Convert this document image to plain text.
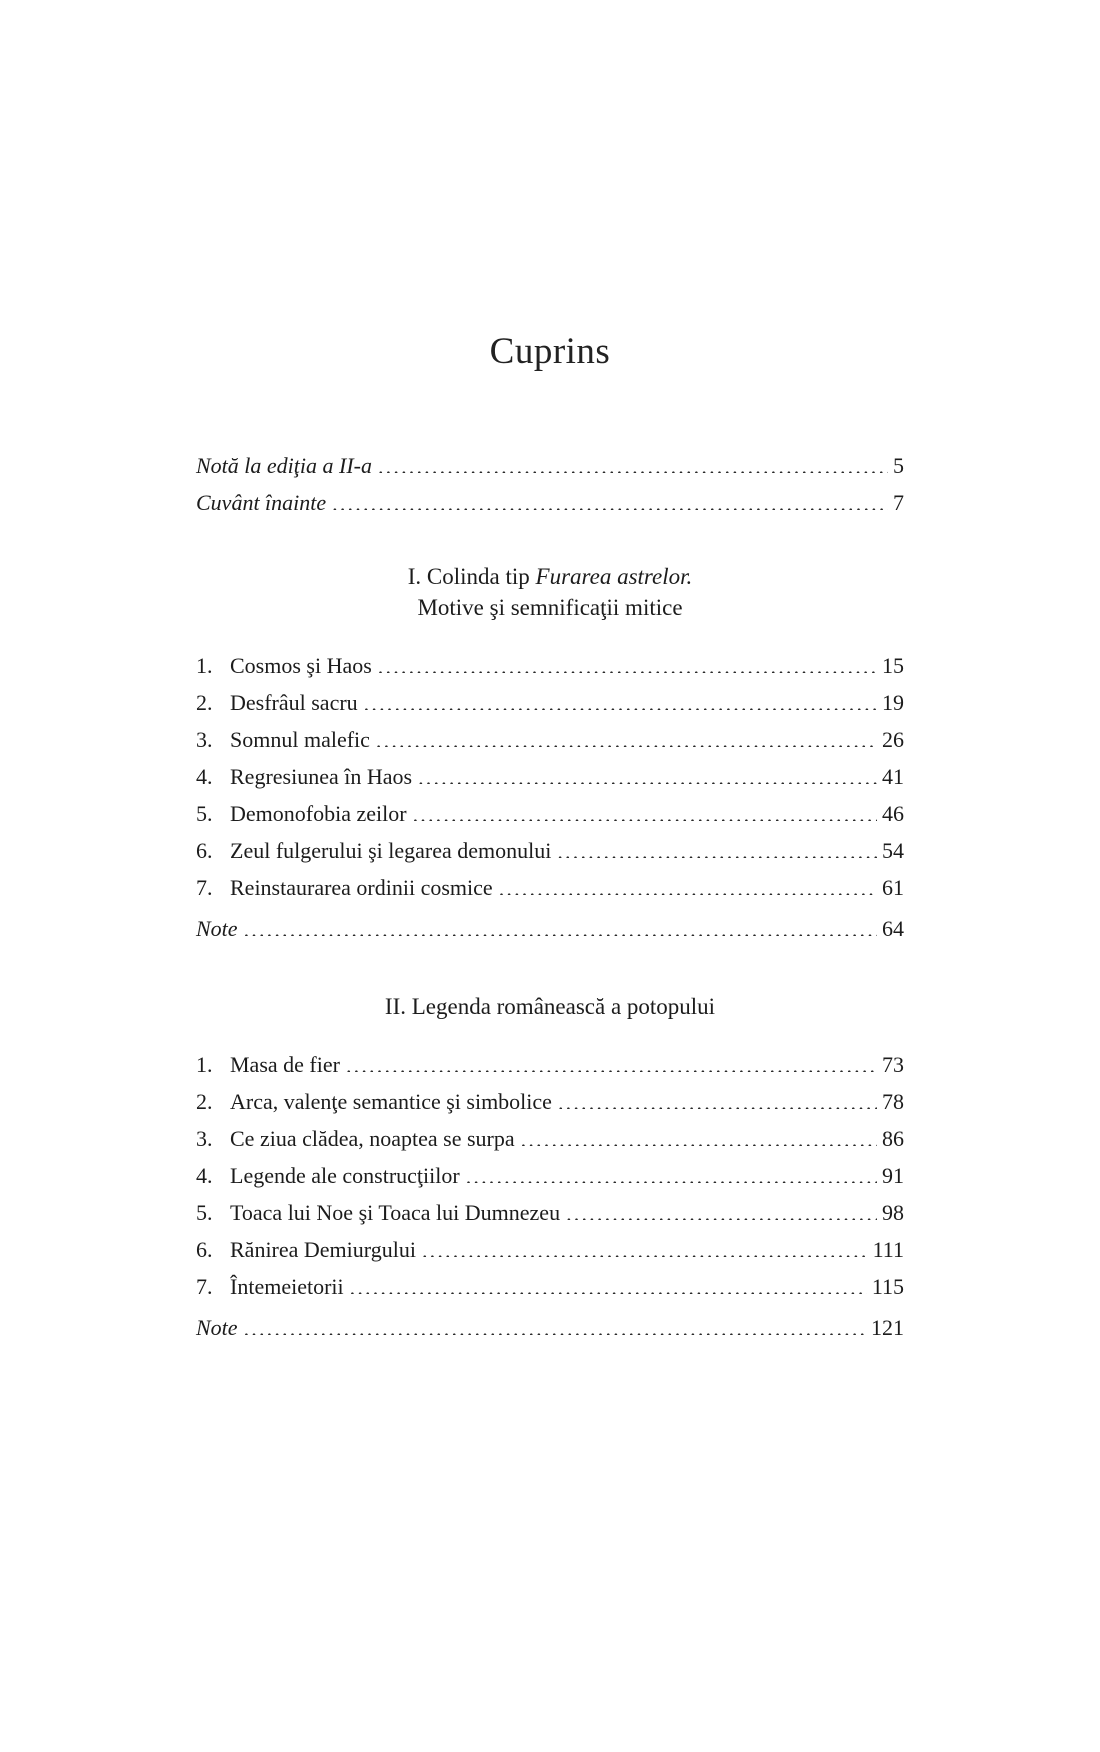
Cuprins
Notă la ediţia a II-a .....	5
Cuvânt înainte .....	7
I. Colinda tip Furarea astrelor.
Motive şi semnificaţii mitice
1. Cosmos şi Haos .....	15
2. Desfrâul sacru .....	19
3. Somnul malefic .....	26
4. Regresiunea în Haos .....	41
5. Demonofobia zeilor .....	46
6. Zeul fulgerului şi legarea demonului .....	54
7. Reinstaurarea ordinii cosmice .....	61
Note .....	64
II. Legenda românească a potopului
1. Masa de fier .....	73
2. Arca, valenţe semantice şi simbolice .....	78
3. Ce ziua clădea, noaptea se surpa .....	86
4. Legende ale construcţiilor .....	91
5. Toaca lui Noe şi Toaca lui Dumnezeu .....	98
6. Rănirea Demiurgului .....	111
7. Întemeietorii .....	115
Note .....	121
